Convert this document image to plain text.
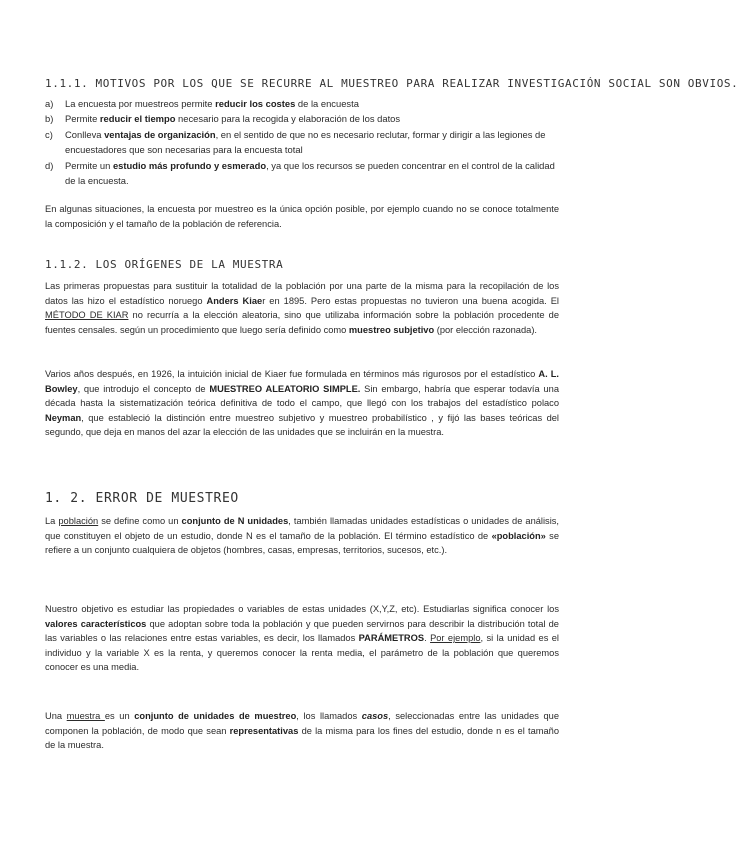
1.1.1. MOTIVOS POR LOS QUE SE RECURRE AL MUESTREO PARA REALIZAR INVESTIGACIÓN SOCIAL SON OBVIOS.
a) La encuesta por muestreos permite reducir los costes de la encuesta
b) Permite reducir el tiempo necesario para la recogida y elaboración de los datos
c) Conlleva ventajas de organización, en el sentido de que no es necesario reclutar, formar y dirigir a las legiones de encuestadores que son necesarias para la encuesta total
d) Permite un estudio más profundo y esmerado, ya que los recursos se pueden concentrar en el control de la calidad de la encuesta.

En algunas situaciones, la encuesta por muestreo es la única opción posible, por ejemplo cuando no se conoce totalmente la composición y el tamaño de la población de referencia.

1.1.2. LOS ORÍGENES DE LA MUESTRA

Las primeras propuestas para sustituir la totalidad de la población por una parte de la misma para la recopilación de los datos las hizo el estadístico noruego Anders Kiaer en 1895. Pero estas propuestas no tuvieron una buena acogida. El MÉTODO DE KIAR no recurría a la elección aleatoria, sino que utilizaba información sobre la población procedente de fuentes censales. según un procedimiento que luego sería definido como muestreo subjetivo (por elección razonada).

Varios años después, en 1926, la intuición inicial de Kiaer fue formulada en términos más rigurosos por el estadístico A. L. Bowley, que introdujo el concepto de MUESTREO ALEATORIO SIMPLE. Sin embargo, habría que esperar todavía una década hasta la sistematización teórica definitiva de todo el campo, que llegó con los trabajos del estadístico polaco Neyman, que estableció la distinción entre muestreo subjetivo y muestreo probabilístico , y fijó las bases teóricas del segundo, que deja en manos del azar la elección de las unidades que se incluirán en la muestra.

1. 2. ERROR DE MUESTREO

La población se define como un conjunto de N unidades, también llamadas unidades estadísticas o unidades de análisis, que constituyen el objeto de un estudio, donde N es el tamaño de la población. El término estadístico de «población» se refiere a un conjunto cualquiera de objetos (hombres, casas, empresas, territorios, sucesos, etc.).

Nuestro objetivo es estudiar las propiedades o variables de estas unidades (X,Y,Z, etc). Estudiarlas significa conocer los valores característicos que adoptan sobre toda la población y que pueden servirnos para describir la distribución total de las variables o las relaciones entre estas variables, es decir, los llamados PARÁMETROS. Por ejemplo, si la unidad es el individuo y la variable X es la renta, y queremos conocer la renta media, el parámetro de la población que queremos conocer es una media.

Una muestra es un conjunto de unidades de muestreo, los llamados casos, seleccionadas entre las unidades que componen la población, de modo que sean representativas de la misma para los fines del estudio, donde n es el tamaño de la muestra.
